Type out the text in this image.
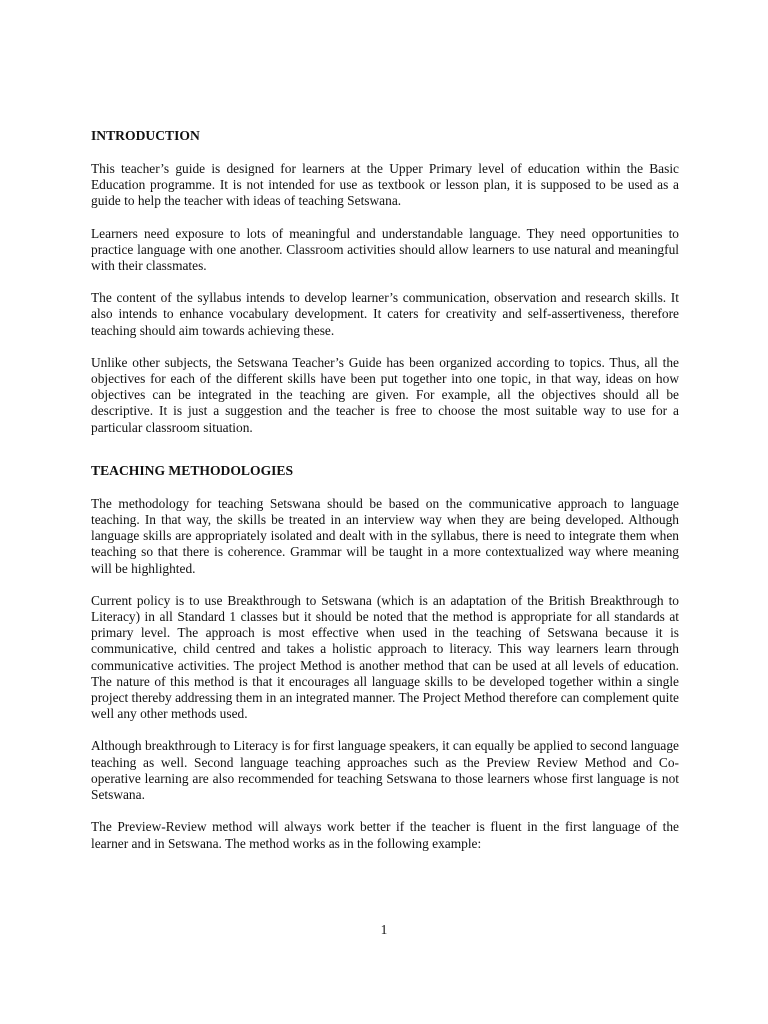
INTRODUCTION

This teacher’s guide is designed for learners at the Upper Primary level of education within the Basic Education programme. It is not intended for use as textbook or lesson plan, it is supposed to be used as a guide to help the teacher with ideas of teaching Setswana.

Learners need exposure to lots of meaningful and understandable language. They need opportunities to practice language with one another. Classroom activities should allow learners to use natural and meaningful with their classmates.

The content of the syllabus intends to develop learner’s communication, observation and research skills. It also intends to enhance vocabulary development. It caters for creativity and self-assertiveness, therefore teaching should aim towards achieving these.

Unlike other subjects, the Setswana Teacher’s Guide has been organized according to topics. Thus, all the objectives for each of the different skills have been put together into one topic, in that way, ideas on how objectives can be integrated in the teaching are given. For example, all the objectives should all be descriptive. It is just a suggestion and the teacher is free to choose the most suitable way to use for a particular classroom situation.

TEACHING METHODOLOGIES

The methodology for teaching Setswana should be based on the communicative approach to language teaching. In that way, the skills be treated in an interview way when they are being developed. Although language skills are appropriately isolated and dealt with in the syllabus, there is need to integrate them when teaching so that there is coherence. Grammar will be taught in a more contextualized way where meaning will be highlighted.

Current policy is to use Breakthrough to Setswana (which is an adaptation of the British Breakthrough to Literacy) in all Standard 1 classes but it should be noted that the method is appropriate for all standards at primary level. The approach is most effective when used in the teaching of Setswana because it is communicative, child centred and takes a holistic approach to literacy. This way learners learn through communicative activities. The project Method is another method that can be used at all levels of education. The nature of this method is that it encourages all language skills to be developed together within a single project thereby addressing them in an integrated manner. The Project Method therefore can complement quite well any other methods used.

Although breakthrough to Literacy is for first language speakers, it can equally be applied to second language teaching as well. Second language teaching approaches such as the Preview Review Method and Co-operative learning are also recommended for teaching Setswana to those learners whose first language is not Setswana.

The Preview-Review method will always work better if the teacher is fluent in the first language of the learner and in Setswana. The method works as in the following example:

1
